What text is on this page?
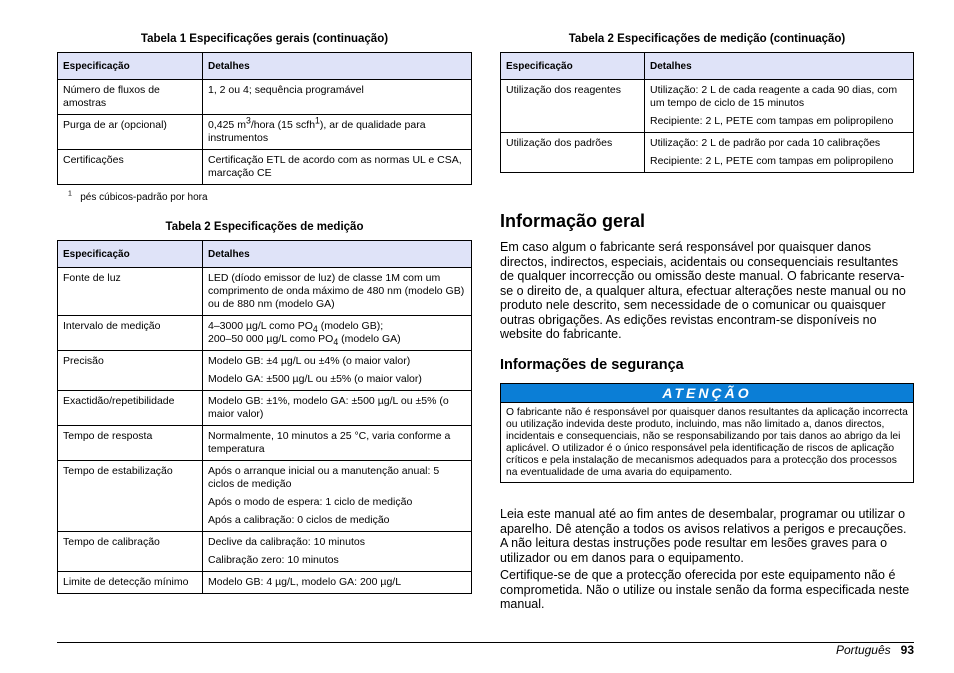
Tabela 1 Especificações gerais (continuação)
Especificação	Detalhes
Número de fluxos de amostras	1, 2 ou 4; sequência programável

Purga de ar (opcional)	0,425 $m^3$/hora (15 scfh$^1$), ar de qualidade para instrumentos

Certificações	Certificação ETL de acordo com as normas UL e CSA, marcação CE

$^1$ pés cúbicos-padrão por hora
Tabela 2 Especificações de medição
Especificação	Detalhes
Fonte de luz	LED (díodo emissor de luz) de classe 1M com um comprimento de onda máximo de 480 nm (modelo GB) ou de 880 nm (modelo GA)

Intervalo de medição	4–3000 µg/L como $PO_4$ (modelo GB);
200–50 000 µg/L como $PO_4$ (modelo GA)

Precisão	Modelo GB: ±4 µg/L ou ±4% (o maior valor)

Modelo GA: ±500 µg/L ou ±5% (o maior valor)

Exactidão/repetibilidade	Modelo GB: ±1%, modelo GA: ±500 µg/L ou ±5% (o maior valor)

Tempo de resposta	Normalmente, 10 minutos a 25 °C, varia conforme a temperatura

Tempo de estabilização	Após o arranque inicial ou a manutenção anual: 5 ciclos de medição

Após o modo de espera: 1 ciclo de medição

Após a calibração: 0 ciclos de medição

Tempo de calibração	Declive da calibração: 10 minutos

Calibração zero: 10 minutos

Limite de detecção mínimo	Modelo GB: 4 µg/L, modelo GA: 200 µg/L

Tabela 2 Especificações de medição (continuação)
Especificação	Detalhes
Utilização dos reagentes	Utilização: 2 L de cada reagente a cada 90 dias, com um tempo de ciclo de 15 minutos

Recipiente: 2 L, PETE com tampas em polipropileno

Utilização dos padrões	Utilização: 2 L de padrão por cada 10 calibrações

Recipiente: 2 L, PETE com tampas em polipropileno

Informação geral

Em caso algum o fabricante será responsável por quaisquer danos directos, indirectos, especiais, acidentais ou consequenciais resultantes de qualquer incorrecção ou omissão deste manual. O fabricante reserva-se o direito de, a qualquer altura, efectuar alterações neste manual ou no produto nele descrito, sem necessidade de o comunicar ou quaisquer outras obrigações. As edições revistas encontram-se disponíveis no website do fabricante.

Informações de segurança
ATENÇÃO
O fabricante não é responsável por quaisquer danos resultantes da aplicação incorrecta ou utilização indevida deste produto, incluindo, mas não limitado a, danos directos, incidentais e consequenciais, não se responsabilizando por tais danos ao abrigo da lei aplicável. O utilizador é o único responsável pela identificação de riscos de aplicação críticos e pela instalação de mecanismos adequados para a protecção dos processos na eventualidade de uma avaria do equipamento.

Leia este manual até ao fim antes de desembalar, programar ou utilizar o aparelho. Dê atenção a todos os avisos relativos a perigos e precauções. A não leitura destas instruções pode resultar em lesões graves para o utilizador ou em danos para o equipamento.

Certifique-se de que a protecção oferecida por este equipamento não é comprometida. Não o utilize ou instale senão da forma especificada neste manual.

Português 93
